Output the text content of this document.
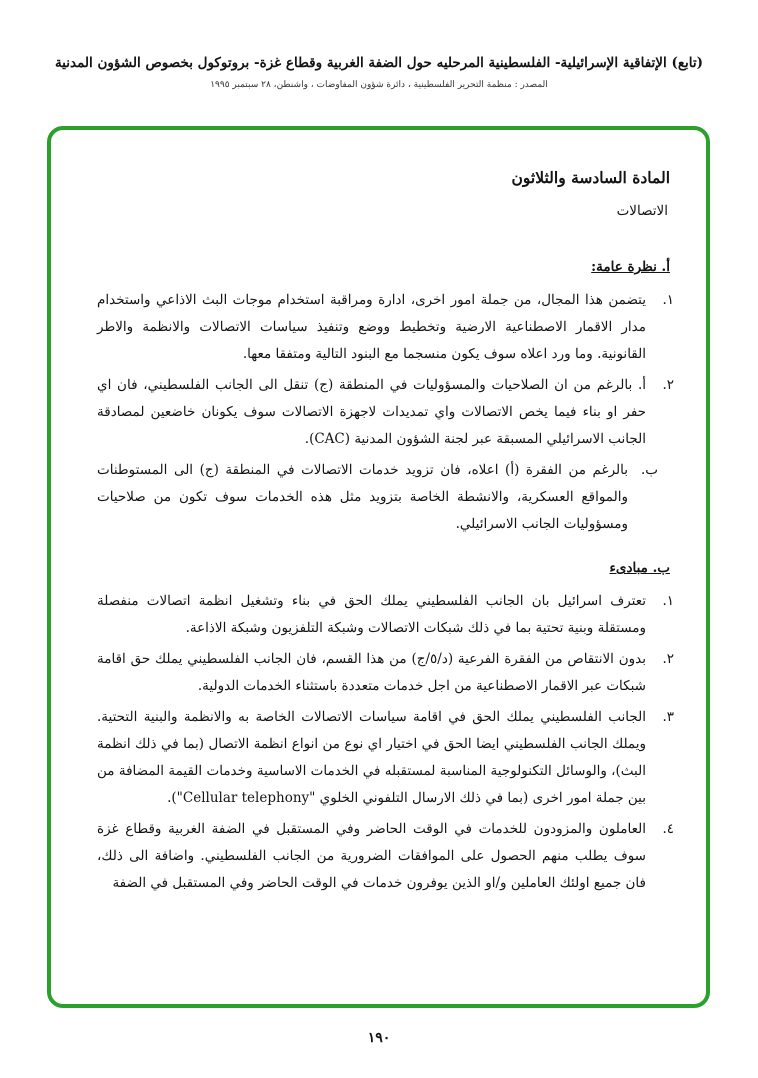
(تابع) الإتفاقية الإسرائيلية- الفلسطينية المرحليه حول الضفة الغربية وقطاع غزة- بروتوكول بخصوص الشؤون المدنية
المصدر : منظمة التحرير الفلسطينية ، دائرة شؤون المفاوضات ، واشنطن، ٢٨ سبتمبر ١٩٩٥
المادة السادسة والثلاثون
الاتصالات
أ. نظرة عامة:
١.
يتضمن هذا المجال، من جملة امور اخرى، ادارة ومراقبة استخدام موجات البث الاذاعي واستخدام مدار الاقمار الاصطناعية الارضية وتخطيط ووضع وتنفيذ سياسات الاتصالات والانظمة والاطر القانونية. وما ورد اعلاه سوف يكون منسجما مع البنود التالية ومتفقا معها.
٢.
أ. بالرغم من ان الصلاحيات والمسؤوليات في المنطقة (ج) تنقل الى الجانب الفلسطيني، فان اي حفر او بناء فيما يخص الاتصالات واي تمديدات لاجهزة الاتصالات سوف يكونان خاضعين لمصادقة الجانب الاسرائيلي المسبقة عبر لجنة الشؤون المدنية (CAC).
ب.
بالرغم من الفقرة (أ) اعلاه، فان تزويد خدمات الاتصالات في المنطقة (ج) الى المستوطنات والمواقع العسكرية، والانشطة الخاصة بتزويد مثل هذه الخدمات سوف تكون من صلاحيات ومسؤوليات الجانب الاسرائيلي.
ب. مبادىء
١.
تعترف اسرائيل بان الجانب الفلسطيني يملك الحق في بناء وتشغيل انظمة اتصالات منفصلة ومستقلة وبنية تحتية بما في ذلك شبكات الاتصالات وشبكة التلفزيون وشبكة الاذاعة.
٢.
بدون الانتقاص من الفقرة الفرعية (د/٥/ج) من هذا القسم، فان الجانب الفلسطيني يملك حق اقامة شبكات عبر الاقمار الاصطناعية من اجل خدمات متعددة باستثناء الخدمات الدولية.
٣.
الجانب الفلسطيني يملك الحق في اقامة سياسات الاتصالات الخاصة به والانظمة والبنية التحتية. ويملك الجانب الفلسطيني ايضا الحق في اختيار اي نوع من انواع انظمة الاتصال (بما في ذلك انظمة البث)، والوسائل التكنولوجية المناسبة لمستقبله في الخدمات الاساسية وخدمات القيمة المضافة من بين جملة امور اخرى (بما في ذلك الارسال التلفوني الخلوي "Cellular telephony").
٤.
العاملون والمزودون للخدمات في الوقت الحاضر وفي المستقبل في الضفة الغربية وقطاع غزة سوف يطلب منهم الحصول على الموافقات الضرورية من الجانب الفلسطيني. واضافة الى ذلك، فان جميع اولئك العاملين و/او الذين يوفرون خدمات في الوقت الحاضر وفي المستقبل في الضفة
١٩٠
